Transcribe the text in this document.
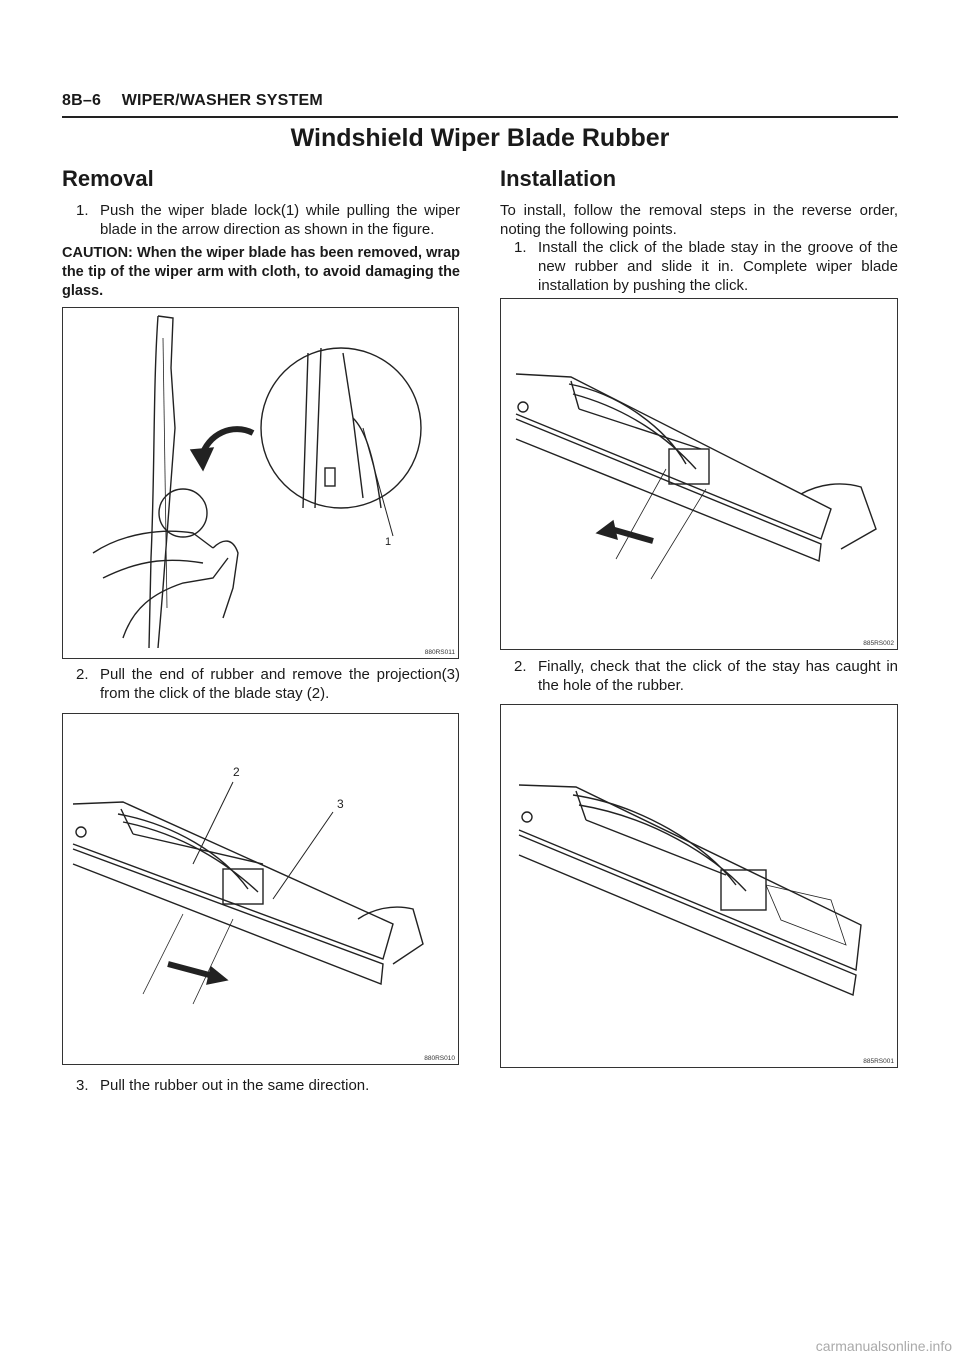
8B–6 WIPER/WASHER SYSTEM
Windshield Wiper Blade Rubber
Removal
1. Push the wiper blade lock(1) while pulling the wiper blade in the arrow direction as shown in the figure.
CAUTION: When the wiper blade has been removed, wrap the tip of the wiper arm with cloth, to avoid damaging the glass.
1
880RS011
2. Pull the end of rubber and remove the projection(3) from the click of the blade stay (2).
2
3
880RS010
3. Pull the rubber out in the same direction.
Installation
To install, follow the removal steps in the reverse order, noting the following points.
1. Install the click of the blade stay in the groove of the new rubber and slide it in. Complete wiper blade installation by pushing the click.
885RS002
2. Finally, check that the click of the stay has caught in the hole of the rubber.
885RS001
carmanualsonline.info
